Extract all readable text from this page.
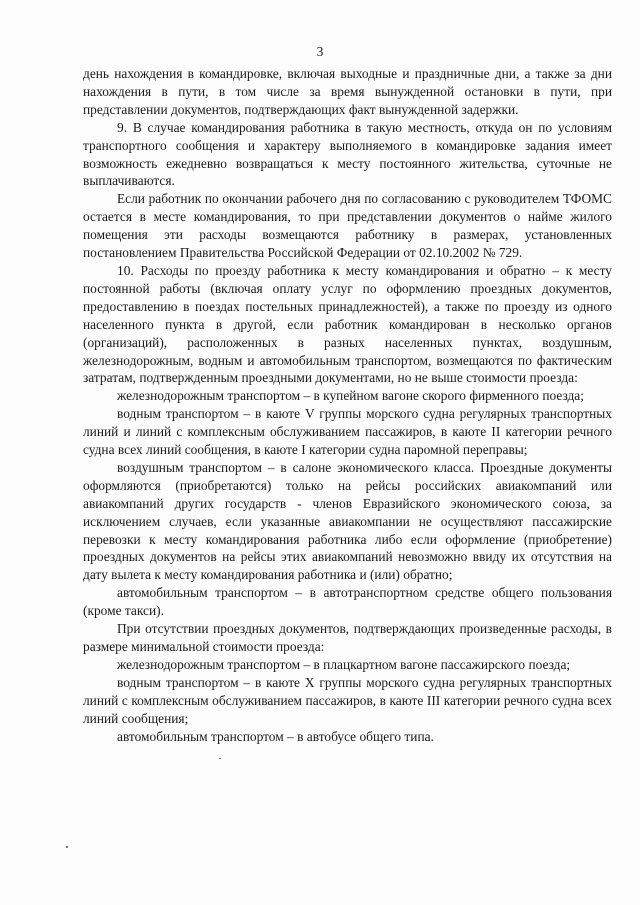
3

день нахождения в командировке, включая выходные и праздничные дни, а также за дни нахождения в пути, в том числе за время вынужденной остановки в пути, при представлении документов, подтверждающих факт вынужденной задержки.

9. В случае командирования работника в такую местность, откуда он по условиям транспортного сообщения и характеру выполняемого в командировке задания имеет возможность ежедневно возвращаться к месту постоянного жительства, суточные не выплачиваются.

Если работник по окончании рабочего дня по согласованию с руководителем ТФОМС остается в месте командирования, то при представлении документов о найме жилого помещения эти расходы возмещаются работнику в размерах, установленных постановлением Правительства Российской Федерации от 02.10.2002 № 729.

10. Расходы по проезду работника к месту командирования и обратно – к месту постоянной работы (включая оплату услуг по оформлению проездных документов, предоставлению в поездах постельных принадлежностей), а также по проезду из одного населенного пункта в другой, если работник командирован в несколько органов (организаций), расположенных в разных населенных пунктах, воздушным, железнодорожным, водным и автомобильным транспортом, возмещаются по фактическим затратам, подтвержденным проездными документами, но не выше стоимости проезда:

железнодорожным транспортом – в купейном вагоне скорого фирменного поезда;

водным транспортом – в каюте V группы морского судна регулярных транспортных линий и линий с комплексным обслуживанием пассажиров, в каюте II категории речного судна всех линий сообщения, в каюте I категории судна паромной переправы;

воздушным транспортом – в салоне экономического класса. Проездные документы оформляются (приобретаются) только на рейсы российских авиакомпаний или авиакомпаний других государств - членов Евразийского экономического союза, за исключением случаев, если указанные авиакомпании не осуществляют пассажирские перевозки к месту командирования работника либо если оформление (приобретение) проездных документов на рейсы этих авиакомпаний невозможно ввиду их отсутствия на дату вылета к месту командирования работника и (или) обратно;

автомобильным транспортом – в автотранспортном средстве общего пользования (кроме такси).

При отсутствии проездных документов, подтверждающих произведенные расходы, в размере минимальной стоимости проезда:

железнодорожным транспортом – в плацкартном вагоне пассажирского поезда;

водным транспортом – в каюте Х группы морского судна регулярных транспортных линий с комплексным обслуживанием пассажиров, в каюте III категории речного судна всех линий сообщения;

автомобильным транспортом – в автобусе общего типа.
